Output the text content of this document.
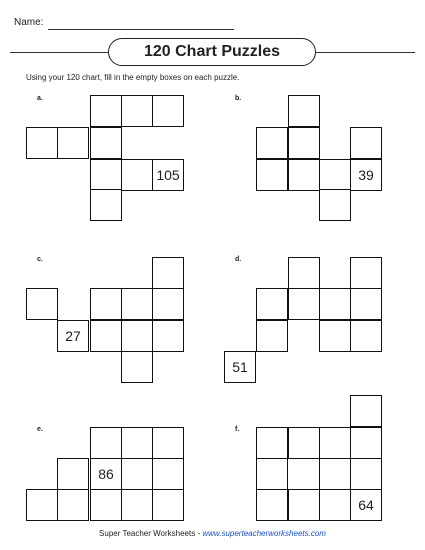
Name:
120 Chart Puzzles
Using your 120 chart, fill in the empty boxes on each puzzle.
a.	b.
c.	d.
e.	f.
105	39
27
51
86
64
Super Teacher Worksheets - www.superteacherworksheets.com
